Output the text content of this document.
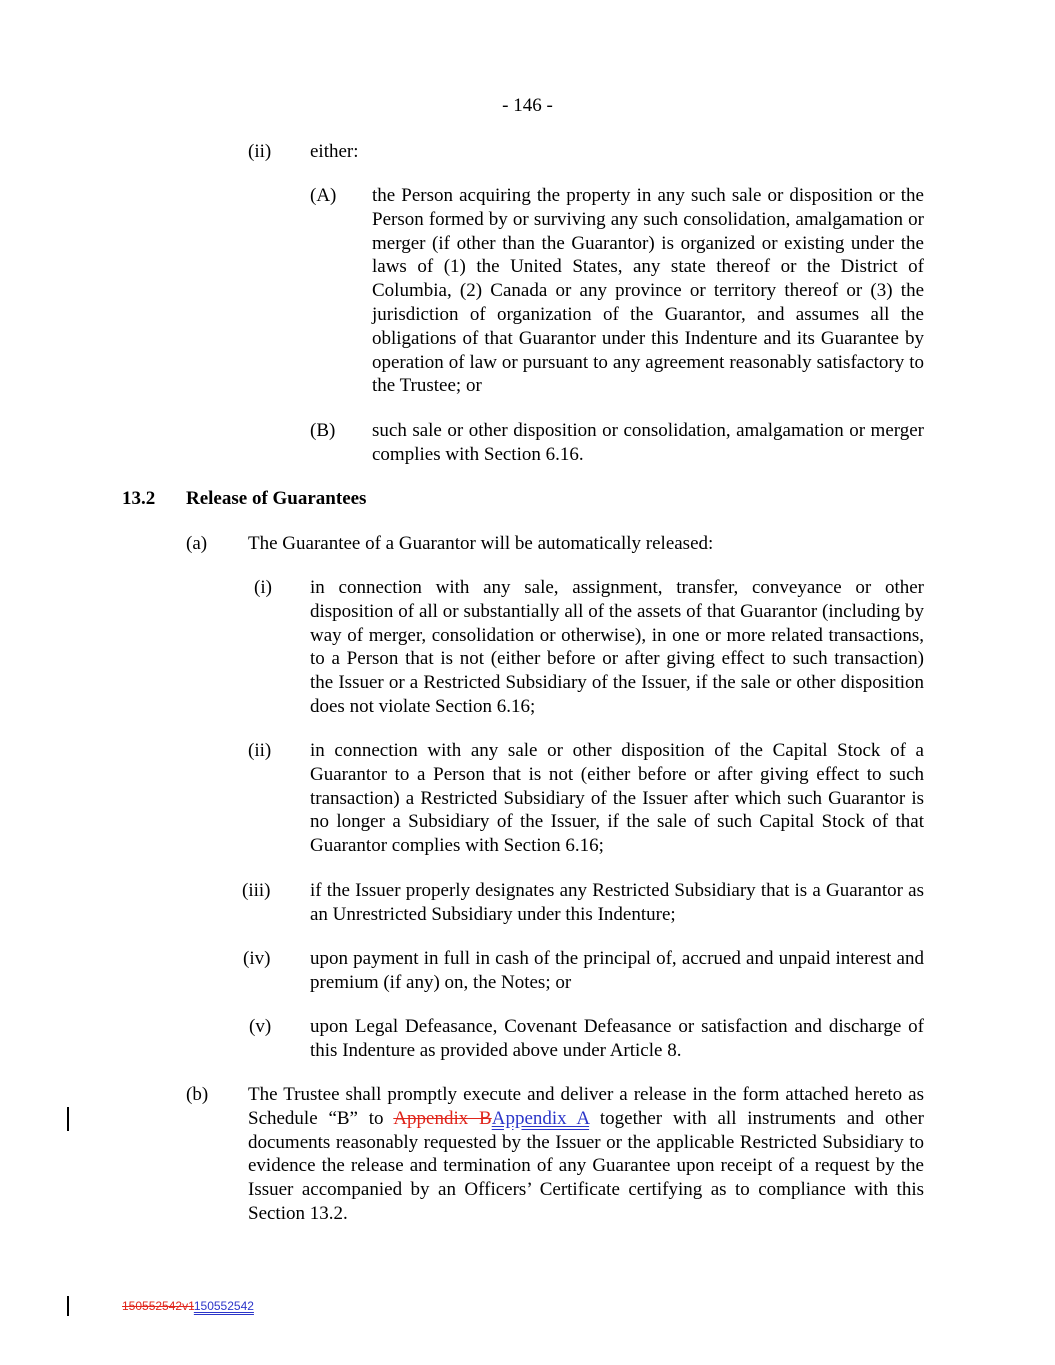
- 146 -
(ii) either:
(A) the Person acquiring the property in any such sale or disposition or the Person formed by or surviving any such consolidation, amalgamation or merger (if other than the Guarantor) is organized or existing under the laws of (1) the United States, any state thereof or the District of Columbia, (2) Canada or any province or territory thereof or (3) the jurisdiction of organization of the Guarantor, and assumes all the obligations of that Guarantor under this Indenture and its Guarantee by operation of law or pursuant to any agreement reasonably satisfactory to the Trustee; or
(B) such sale or other disposition or consolidation, amalgamation or merger complies with Section 6.16.
13.2 Release of Guarantees
(a) The Guarantee of a Guarantor will be automatically released:
(i) in connection with any sale, assignment, transfer, conveyance or other disposition of all or substantially all of the assets of that Guarantor (including by way of merger, consolidation or otherwise), in one or more related transactions, to a Person that is not (either before or after giving effect to such transaction) the Issuer or a Restricted Subsidiary of the Issuer, if the sale or other disposition does not violate Section 6.16;
(ii) in connection with any sale or other disposition of the Capital Stock of a Guarantor to a Person that is not (either before or after giving effect to such transaction) a Restricted Subsidiary of the Issuer after which such Guarantor is no longer a Subsidiary of the Issuer, if the sale of such Capital Stock of that Guarantor complies with Section 6.16;
(iii) if the Issuer properly designates any Restricted Subsidiary that is a Guarantor as an Unrestricted Subsidiary under this Indenture;
(iv) upon payment in full in cash of the principal of, accrued and unpaid interest and premium (if any) on, the Notes; or
(v) upon Legal Defeasance, Covenant Defeasance or satisfaction and discharge of this Indenture as provided above under Article 8.
(b) The Trustee shall promptly execute and deliver a release in the form attached hereto as Schedule “B” to Appendix BAppendix A together with all instruments and other documents reasonably requested by the Issuer or the applicable Restricted Subsidiary to evidence the release and termination of any Guarantee upon receipt of a request by the Issuer accompanied by an Officers’ Certificate certifying as to compliance with this Section 13.2.
150552542v1150552542
